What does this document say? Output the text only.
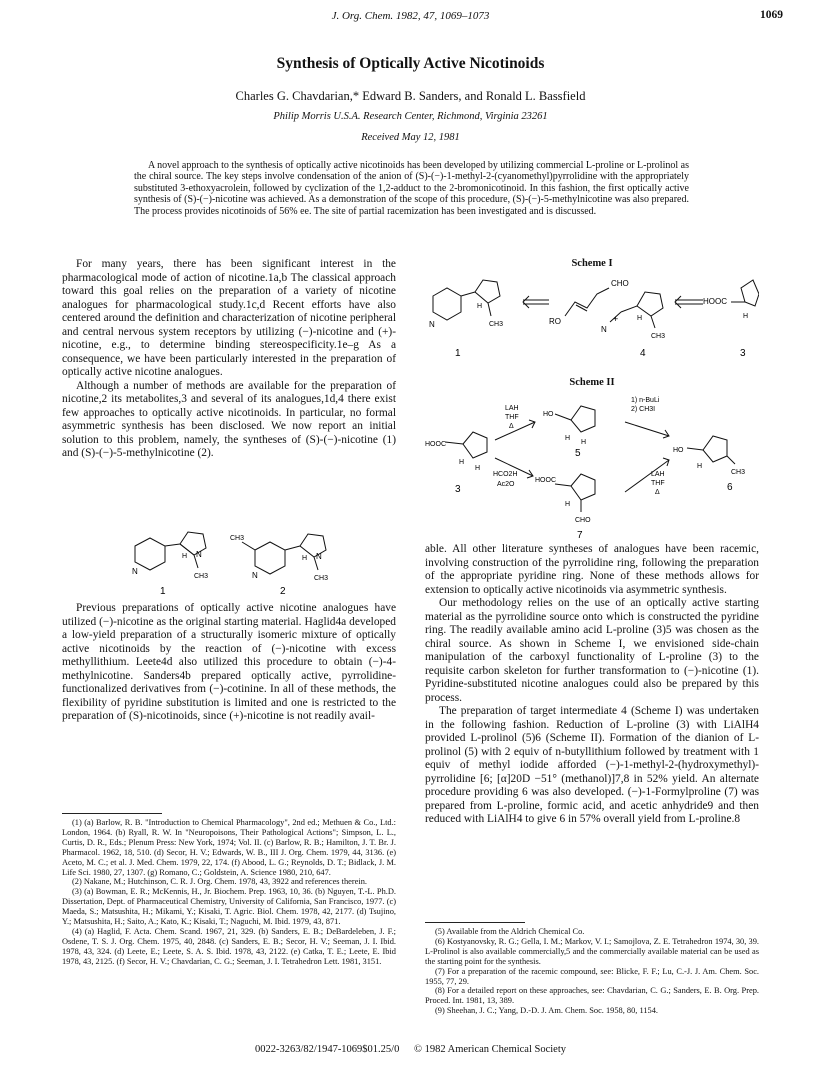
J. Org. Chem. 1982, 47, 1069–1073	1069
Synthesis of Optically Active Nicotinoids
Charles G. Chavdarian,* Edward B. Sanders, and Ronald L. Bassfield
Philip Morris U.S.A. Research Center, Richmond, Virginia 23261
Received May 12, 1981
A novel approach to the synthesis of optically active nicotinoids has been developed by utilizing commercial L-proline or L-prolinol as the chiral source. The key steps involve condensation of the anion of (S)-(−)-1-methyl-2-(cyanomethyl)pyrrolidine with the appropriately substituted 3-ethoxyacrolein, followed by cyclization of the 1,2-adduct to the 2-bromonicotinoid. In this fashion, the first optically active synthesis of (S)-(−)-nicotine was achieved. As a demonstration of the scope of this procedure, (S)-(−)-5-methylnicotine was also prepared. The process provides nicotinoids of 56% ee. The site of partial racemization has been investigated and is discussed.

For many years, there has been significant interest in the pharmacological mode of action of nicotine.1a,b The classical approach toward this goal relies on the preparation of a variety of nicotine analogues for pharmacological study.1c,d Recent efforts have also centered around the definition and characterization of nicotine peripheral and central nervous system receptors by utilizing (−)-nicotine and (+)-nicotine, e.g., to determine binding stereospecificity.1e–g As a consequence, we have been particularly interested in the preparation of optically active nicotine analogues.

Although a number of methods are available for the preparation of nicotine,2 its metabolites,3 and several of its analogues,1d,4 there exist few approaches to optically active nicotinoids. In particular, no formal asymmetric synthesis has been disclosed. We now report an initial solution to this problem, namely, the syntheses of (S)-(−)-nicotine (1) and (S)-(−)-5-methylnicotine (2).

N
H N
CH3
CH3
N
H N
CH3
1	2

Previous preparations of optically active nicotine analogues have utilized (−)-nicotine as the original starting material. Haglid4a developed a low-yield preparation of a structurally isomeric mixture of optically active nicotinoids by the reaction of (−)-nicotine with excess methyllithium. Leete4d also utilized this procedure to obtain (−)-4-methylnicotine. Sanders4b prepared optically active, pyrrolidine-functionalized derivatives from (−)-cotinine. In all of these methods, the flexibility of pyridine substitution is limited and one is restricted to the preparation of (S)-nicotinoids, since (+)-nicotine is not readily avail-

(1) (a) Barlow, R. B. "Introduction to Chemical Pharmacology", 2nd ed.; Methuen & Co., Ltd.: London, 1964. (b) Ryall, R. W. In "Neuropoisons, Their Pathological Actions"; Simpson, L. L., Curtis, D. R., Eds.; Plenum Press: New York, 1974; Vol. II. (c) Barlow, R. B.; Hamilton, J. T. Br. J. Pharmacol. 1962, 18, 510. (d) Secor, H. V.; Edwards, W. B., III J. Org. Chem. 1979, 44, 3136. (e) Aceto, M. C.; et al. J. Med. Chem. 1979, 22, 174. (f) Abood, L. G.; Reynolds, D. T.; Bidlack, J. M. Life Sci. 1980, 27, 1307. (g) Romano, C.; Goldstein, A. Science 1980, 210, 647.

(2) Nakane, M.; Hutchinson, C. R. J. Org. Chem. 1978, 43, 3922 and references therein.

(3) (a) Bowman, E. R.; McKennis, H., Jr. Biochem. Prep. 1963, 10, 36. (b) Nguyen, T.-L. Ph.D. Dissertation, Dept. of Pharmaceutical Chemistry, University of California, San Francisco, 1977. (c) Maeda, S.; Matsushita, H.; Mikami, Y.; Kisaki, T. Agric. Biol. Chem. 1978, 42, 2177. (d) Tsujino, Y.; Matsushita, H.; Saito, A.; Kato, K.; Kisaki, T.; Naguchi, M. Ibid. 1979, 43, 871.

(4) (a) Haglid, F. Acta. Chem. Scand. 1967, 21, 329. (b) Sanders, E. B.; DeBardeleben, J. F.; Osdene, T. S. J. Org. Chem. 1975, 40, 2848. (c) Sanders, E. B.; Secor, H. V.; Seeman, J. I. Ibid. 1978, 43, 324. (d) Leete, E.; Leete, S. A. S. Ibid. 1978, 43, 2122. (e) Catka, T. E.; Leete, E. Ibid 1978, 43, 2125. (f) Secor, H. V.; Chavdarian, C. G.; Seeman, J. I. Tetrahedron Lett. 1981, 3151.

Scheme I
N
H
CH3
CHO
RO	+
N
H
CH3
HOOC
H
1	4	3
Scheme II
HOOC
H
H
LAH
THF
Δ
HCO2H
Ac2O
HO
H
H
5
1) n-BuLi
2) CH3I
HOOC
H
CHO
7
LAH
THF
Δ
HO
H
CH3
6
3

able. All other literature syntheses of analogues have been racemic, involving construction of the pyrrolidine ring, following the preparation of the appropriate pyridine ring. None of these methods allows for extension to optically active nicotinoids via asymmetric synthesis.

Our methodology relies on the use of an optically active starting material as the pyrrolidine source onto which is constructed the pyridine ring. The readily available amino acid L-proline (3)5 was chosen as the chiral source. As shown in Scheme I, we envisioned side-chain manipulation of the carboxyl functionality of L-proline (3) to the requisite carbon skeleton for further transformation to (−)-nicotine (1). Pyridine-substituted nicotine analogues could also be prepared by this process.

The preparation of target intermediate 4 (Scheme I) was undertaken in the following fashion. Reduction of L-proline (3) with LiAlH4 provided L-prolinol (5)6 (Scheme II). Formation of the dianion of L-prolinol (5) with 2 equiv of n-butyllithium followed by treatment with 1 equiv of methyl iodide afforded (−)-1-methyl-2-(hydroxymethyl)-pyrrolidine [6; [α]20D −51° (methanol)]7,8 in 52% yield. An alternate procedure providing 6 was also developed. (−)-1-Formylproline (7) was prepared from L-proline, formic acid, and acetic anhydride9 and then reduced with LiAlH4 to give 6 in 57% overall yield from L-proline.8

(5) Available from the Aldrich Chemical Co.

(6) Kostyanovsky, R. G.; Gella, I. M.; Markov, V. I.; Samojlova, Z. E. Tetrahedron 1974, 30, 39. L-Prolinol is also available commercially,5 and the commercially available material can be used as the starting point for the synthesis.

(7) For a preparation of the racemic compound, see: Blicke, F. F.; Lu, C.-J. J. Am. Chem. Soc. 1955, 77, 29.

(8) For a detailed report on these approaches, see: Chavdarian, C. G.; Sanders, E. B. Org. Prep. Proced. Int. 1981, 13, 389.

(9) Sheehan, J. C.; Yang, D.-D. J. Am. Chem. Soc. 1958, 80, 1154.

0022-3263/82/1947-1069$01.25/0 © 1982 American Chemical Society
